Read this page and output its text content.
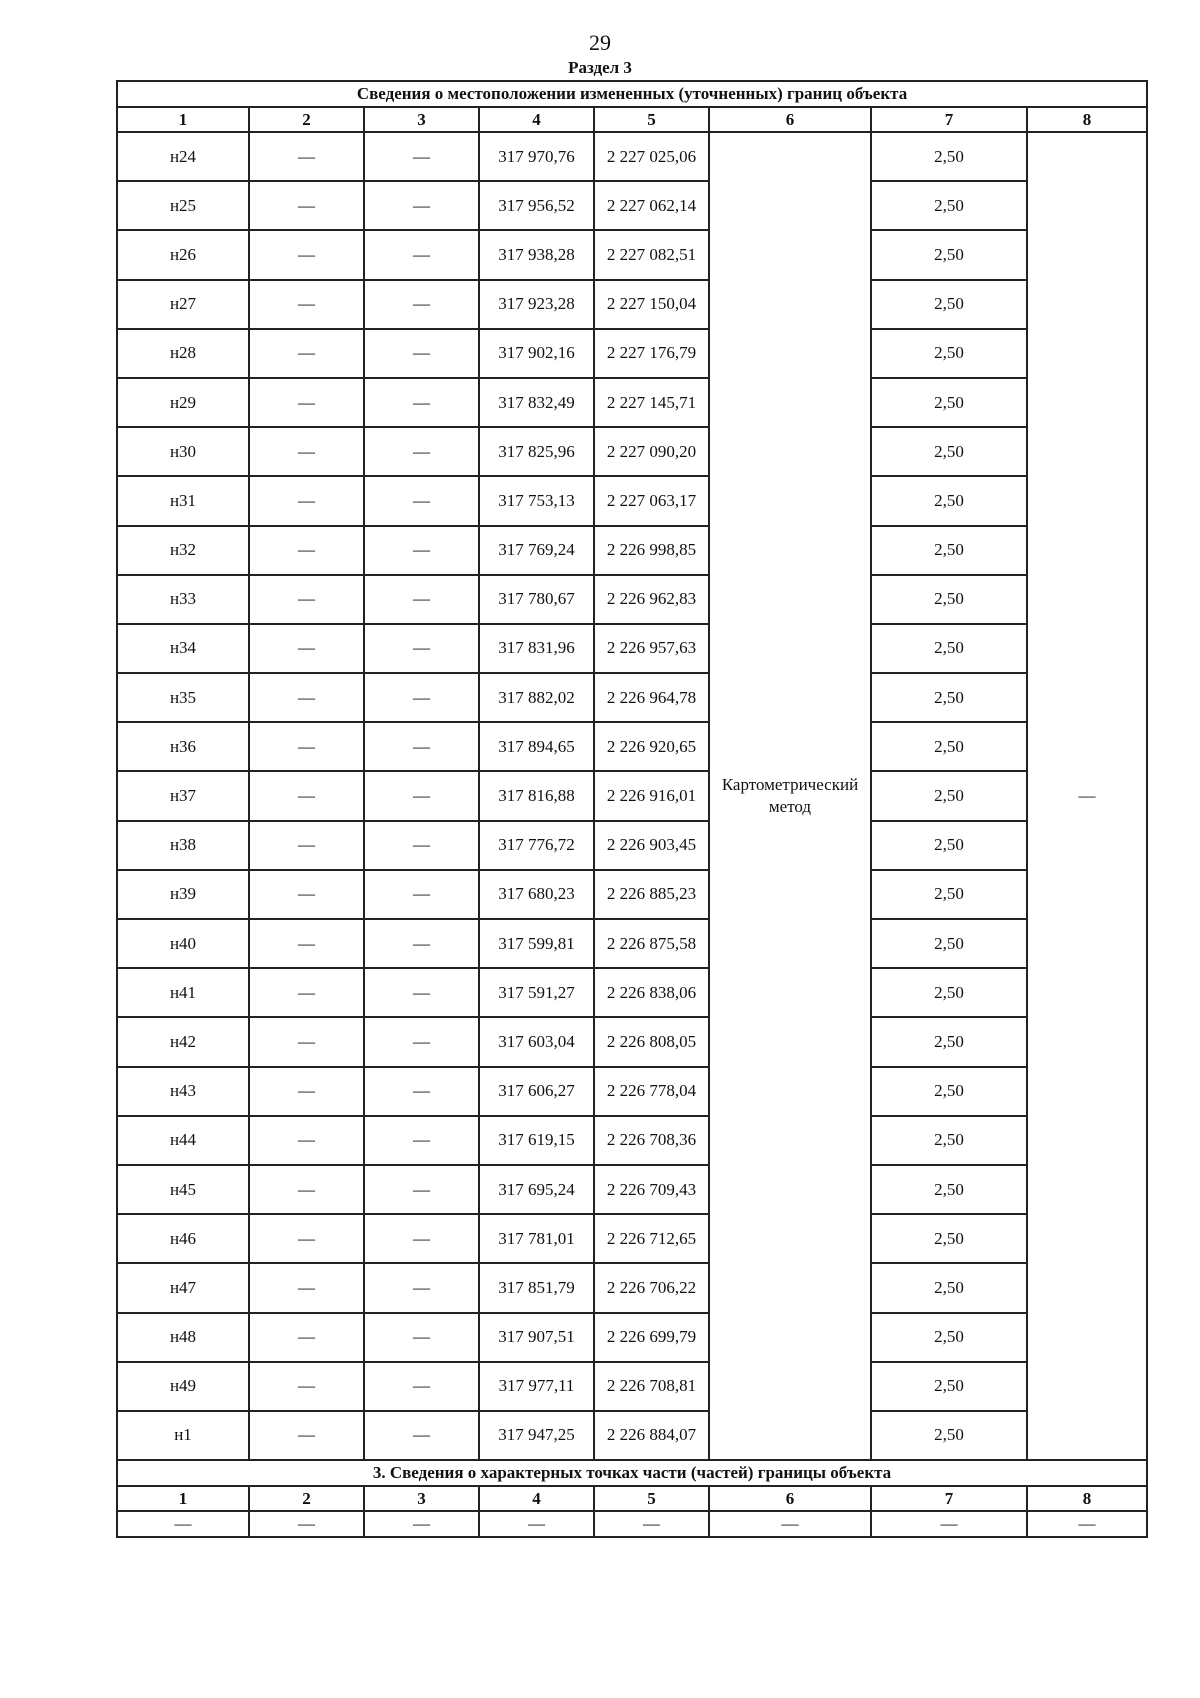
29
Раздел 3
Сведения о местоположении измененных (уточненных) границ объекта							
1	2	3	4	5	6	7	8
н24	—	—	317 970,76	2 227 025,06	Картометрический метод	2,50	—
н25	—	—	317 956,52	2 227 062,14		2,50	
н26	—	—	317 938,28	2 227 082,51		2,50	
н27	—	—	317 923,28	2 227 150,04		2,50	
н28	—	—	317 902,16	2 227 176,79		2,50	
н29	—	—	317 832,49	2 227 145,71		2,50	
н30	—	—	317 825,96	2 227 090,20		2,50	
н31	—	—	317 753,13	2 227 063,17		2,50	
н32	—	—	317 769,24	2 226 998,85		2,50	
н33	—	—	317 780,67	2 226 962,83		2,50	
н34	—	—	317 831,96	2 226 957,63		2,50	
н35	—	—	317 882,02	2 226 964,78		2,50	
н36	—	—	317 894,65	2 226 920,65		2,50	
н37	—	—	317 816,88	2 226 916,01		2,50	
н38	—	—	317 776,72	2 226 903,45		2,50	
н39	—	—	317 680,23	2 226 885,23		2,50	
н40	—	—	317 599,81	2 226 875,58		2,50	
н41	—	—	317 591,27	2 226 838,06		2,50	
н42	—	—	317 603,04	2 226 808,05		2,50	
н43	—	—	317 606,27	2 226 778,04		2,50	
н44	—	—	317 619,15	2 226 708,36		2,50	
н45	—	—	317 695,24	2 226 709,43		2,50	
н46	—	—	317 781,01	2 226 712,65		2,50	
н47	—	—	317 851,79	2 226 706,22		2,50	
н48	—	—	317 907,51	2 226 699,79		2,50	
н49	—	—	317 977,11	2 226 708,81		2,50	
н1	—	—	317 947,25	2 226 884,07		2,50	
3. Сведения о характерных точках части (частей) границы объекта							
1	2	3	4	5	6	7	8
—	—	—	—	—	—	—	—
